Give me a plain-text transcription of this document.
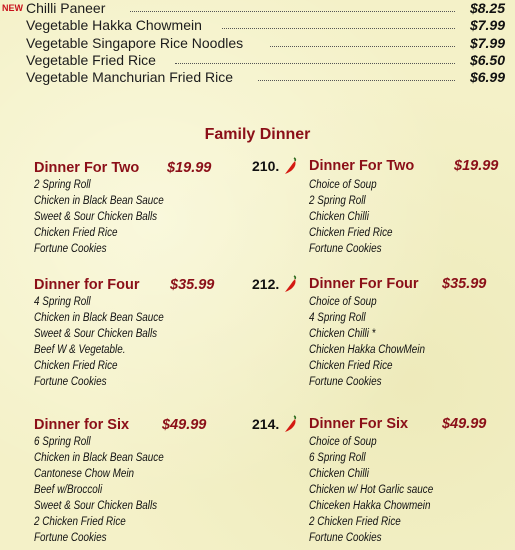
NEW Chilli Paneer	$8.25
Vegetable Hakka Chowmein	$7.99
Vegetable Singapore Rice Noodles	$7.99
Vegetable Fried Rice	$6.50
Vegetable Manchurian Fried Rice	$6.99
Family Dinner
Dinner For Two $19.99
2 Spring Roll
Chicken in Black Bean Sauce
Sweet & Sour Chicken Balls
Chicken Fried Rice
Fortune Cookies
Dinner for Four $35.99
4 Spring Roll
Chicken in Black Bean Sauce
Sweet & Sour Chicken Balls
Beef W & Vegetable.
Chicken Fried Rice
Fortune Cookies
Dinner for Six $49.99
6 Spring Roll
Chicken in Black Bean Sauce
Cantonese Chow Mein
Beef w/Broccoli
Sweet & Sour Chicken Balls
2 Chicken Fried Rice
Fortune Cookies
210. Dinner For Two	$19.99
Choice of Soup
2 Spring Roll
Chicken Chilli
Chicken Fried Rice
Fortune Cookies
212. Dinner For Four $35.99
Choice of Soup
4 Spring Roll
Chicken Chilli *
Chicken Hakka ChowMein
Chicken Fried Rice
Fortune Cookies
214. Dinner For Six $49.99
Choice of Soup
6 Spring Roll
Chicken Chilli
Chicken w/ Hot Garlic sauce
Chiceken Hakka Chowmein
2 Chicken Fried Rice
Fortune Cookies
